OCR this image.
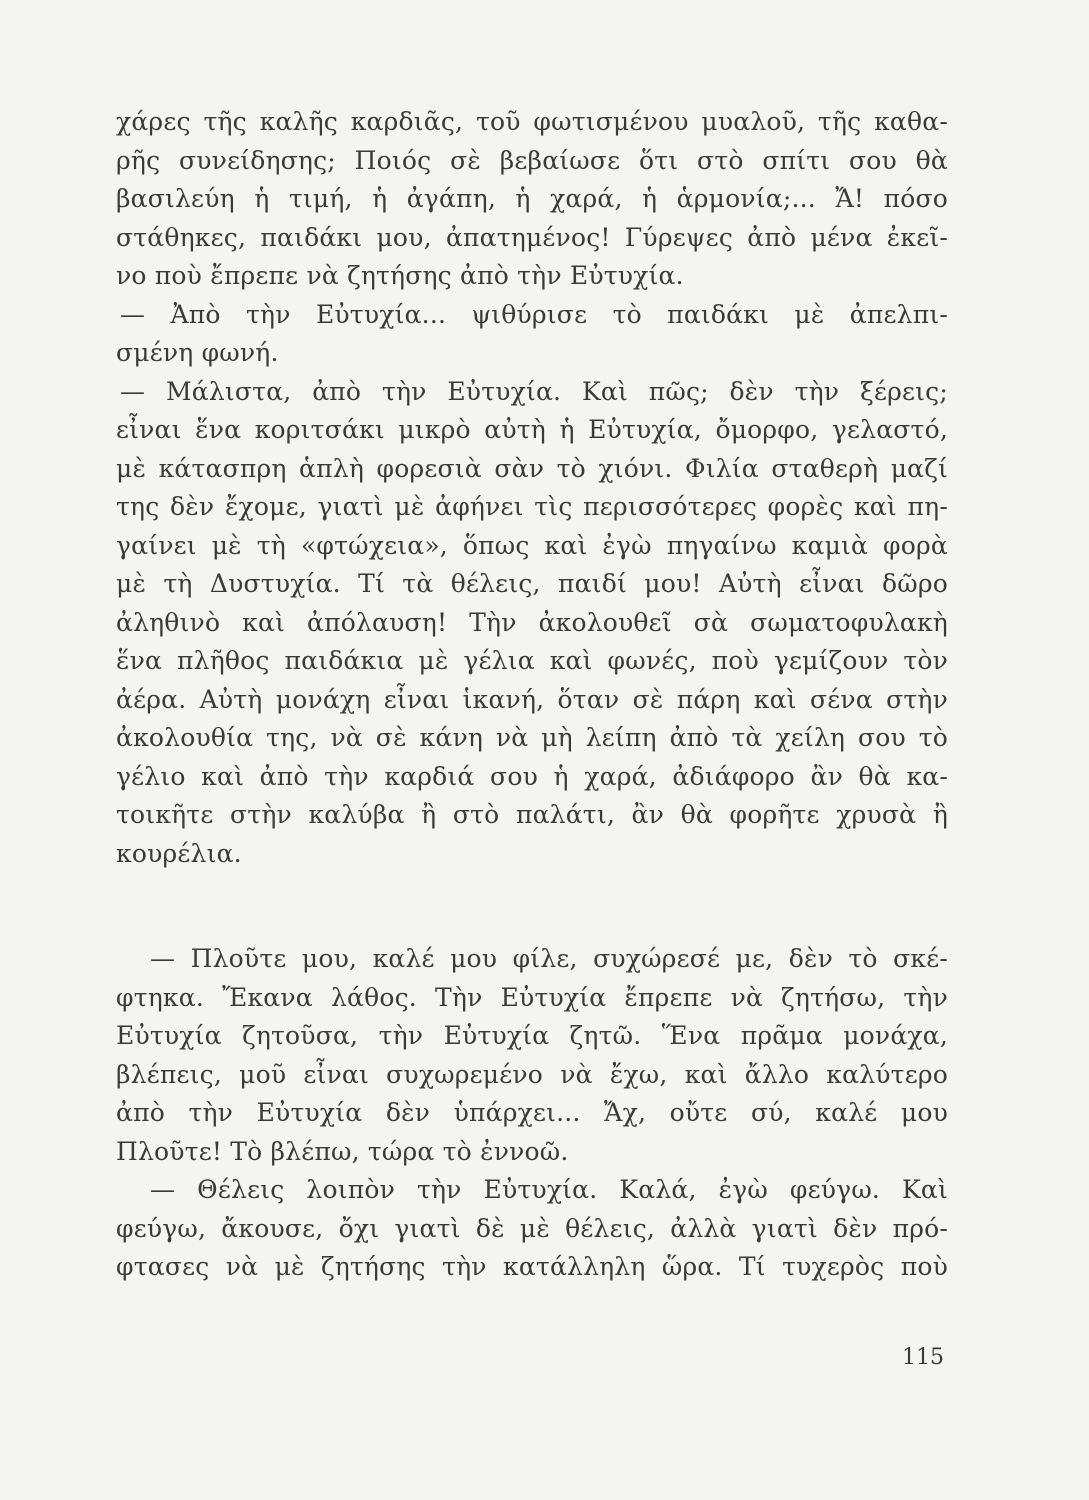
χάρες τῆς καλῆς καρδιᾶς, τοῦ φωτισμένου μυαλοῦ, τῆς καθα-
ρῆς συνείδησης; Ποιός σὲ βεβαίωσε ὅτι στὸ σπίτι σου θὰ
βασιλεύη ἡ τιμή, ἡ ἀγάπη, ἡ χαρά, ἡ ἁρμονία;... Ἄ! πόσο
στάθηκες, παιδάκι μου, ἀπατημένος! Γύρεψες ἀπὸ μένα ἐκεῖ-
νο ποὺ ἔπρεπε νὰ ζητήσης ἀπὸ τὴν Εὐτυχία.
— Ἀπὸ τὴν Εὐτυχία... ψιθύρισε τὸ παιδάκι μὲ ἀπελπι-
σμένη φωνή.
— Μάλιστα, ἀπὸ τὴν Εὐτυχία. Καὶ πῶς; δὲν τὴν ξέρεις;
εἶναι ἕνα κοριτσάκι μικρὸ αὐτὴ ἡ Εὐτυχία, ὄμορφο, γελαστό,
μὲ κάτασπρη ἁπλὴ φορεσιὰ σὰν τὸ χιόνι. Φιλία σταθερὴ μαζί
της δὲν ἔχομε, γιατὶ μὲ ἀφήνει τὶς περισσότερες φορὲς καὶ πη-
γαίνει μὲ τὴ «φτώχεια», ὅπως καὶ ἐγὼ πηγαίνω καμιὰ φορὰ
μὲ τὴ Δυστυχία. Τί τὰ θέλεις, παιδί μου! Αὐτὴ εἶναι δῶρο
ἀληθινὸ καὶ ἀπόλαυση! Τὴν ἀκολουθεῖ σὰ σωματοφυλακὴ
ἕνα πλῆθος παιδάκια μὲ γέλια καὶ φωνές, ποὺ γεμίζουν τὸν
ἀέρα. Αὐτὴ μονάχη εἶναι ἱκανή, ὅταν σὲ πάρη καὶ σένα στὴν
ἀκολουθία της, νὰ σὲ κάνη νὰ μὴ λείπη ἀπὸ τὰ χείλη σου τὸ
γέλιο καὶ ἀπὸ τὴν καρδιά σου ἡ χαρά, ἀδιάφορο ἂν θὰ κα-
τοικῆτε στὴν καλύβα ἢ στὸ παλάτι, ἂν θὰ φορῆτε χρυσὰ ἢ
κουρέλια.
— Πλοῦτε μου, καλέ μου φίλε, συχώρεσέ με, δὲν τὸ σκέ-
φτηκα. Ἔκανα λάθος. Τὴν Εὐτυχία ἔπρεπε νὰ ζητήσω, τὴν
Εὐτυχία ζητοῦσα, τὴν Εὐτυχία ζητῶ. Ἕνα πρᾶμα μονάχα,
βλέπεις, μοῦ εἶναι συχωρεμένο νὰ ἔχω, καὶ ἄλλο καλύτερο
ἀπὸ τὴν Εὐτυχία δὲν ὑπάρχει... Ἄχ, οὔτε σύ, καλέ μου
Πλοῦτε! Τὸ βλέπω, τώρα τὸ ἐννοῶ.
— Θέλεις λοιπὸν τὴν Εὐτυχία. Καλά, ἐγὼ φεύγω. Καὶ
φεύγω, ἄκουσε, ὄχι γιατὶ δὲ μὲ θέλεις, ἀλλὰ γιατὶ δὲν πρό-
φτασες νὰ μὲ ζητήσης τὴν κατάλληλη ὥρα. Τί τυχερὸς ποὺ
115
